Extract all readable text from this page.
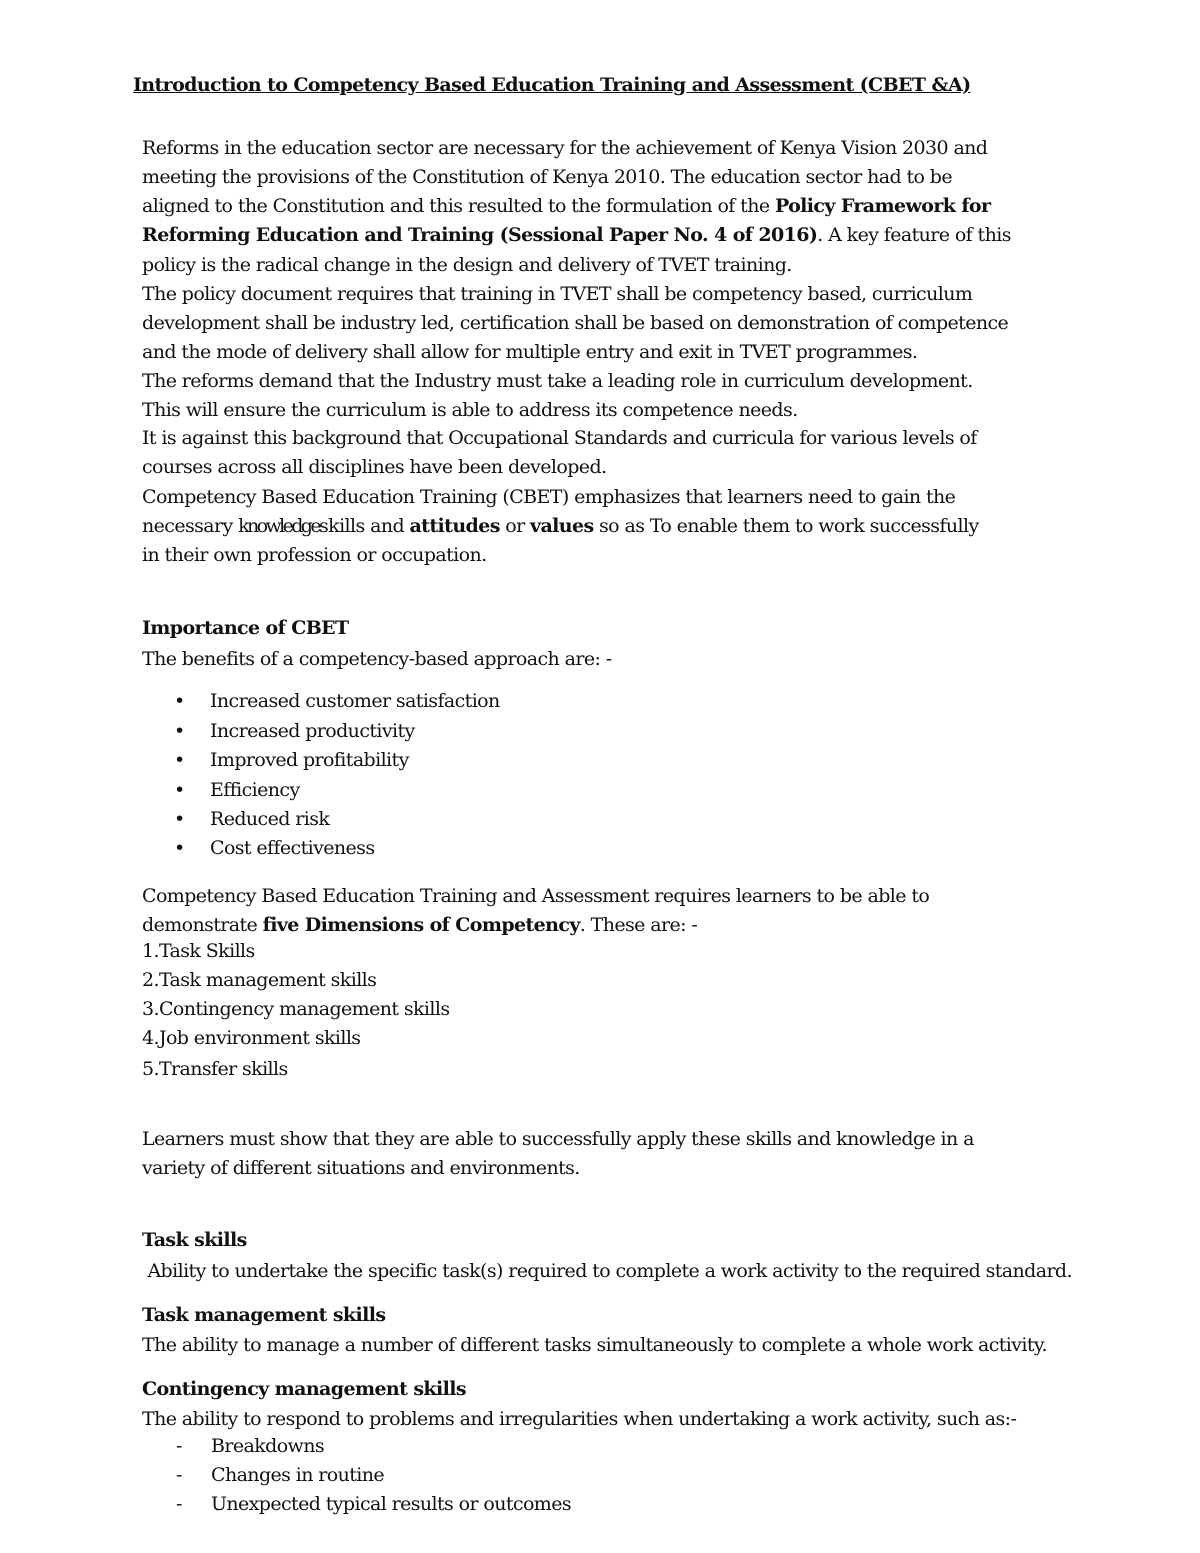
Introduction to Competency Based Education Training and Assessment (CBET &A)
Reforms in the education sector are necessary for the achievement of Kenya Vision 2030 and
meeting the provisions of the Constitution of Kenya 2010. The education sector had to be
aligned to the Constitution and this resulted to the formulation of the Policy Framework for
Reforming Education and Training (Sessional Paper No. 4 of 2016). A key feature of this
policy is the radical change in the design and delivery of TVET training.
The policy document requires that training in TVET shall be competency based, curriculum
development shall be industry led, certification shall be based on demonstration of competence
and the mode of delivery shall allow for multiple entry and exit in TVET programmes.
The reforms demand that the Industry must take a leading role in curriculum development.
This will ensure the curriculum is able to address its competence needs.
It is against this background that Occupational Standards and curricula for various levels of
courses across all disciplines have been developed.
Competency Based Education Training (CBET) emphasizes that learners need to gain the
necessary knowledgeskills and attitudes or values so as To enable them to work successfully
in their own profession or occupation.
Importance of CBET
The benefits of a competency-based approach are: -
• Increased customer satisfaction
• Increased productivity
• Improved profitability
• Efficiency
• Reduced risk
• Cost effectiveness
Competency Based Education Training and Assessment requires learners to be able to
demonstrate five Dimensions of Competency. These are: -
1.Task Skills
2.Task management skills
3.Contingency management skills
4.Job environment skills
5.Transfer skills
Learners must show that they are able to successfully apply these skills and knowledge in a
variety of different situations and environments.
Task skills
Ability to undertake the specific task(s) required to complete a work activity to the required standard.
Task management skills
The ability to manage a number of different tasks simultaneously to complete a whole work activity.
Contingency management skills
The ability to respond to problems and irregularities when undertaking a work activity, such as:-
- Breakdowns
- Changes in routine
- Unexpected typical results or outcomes
